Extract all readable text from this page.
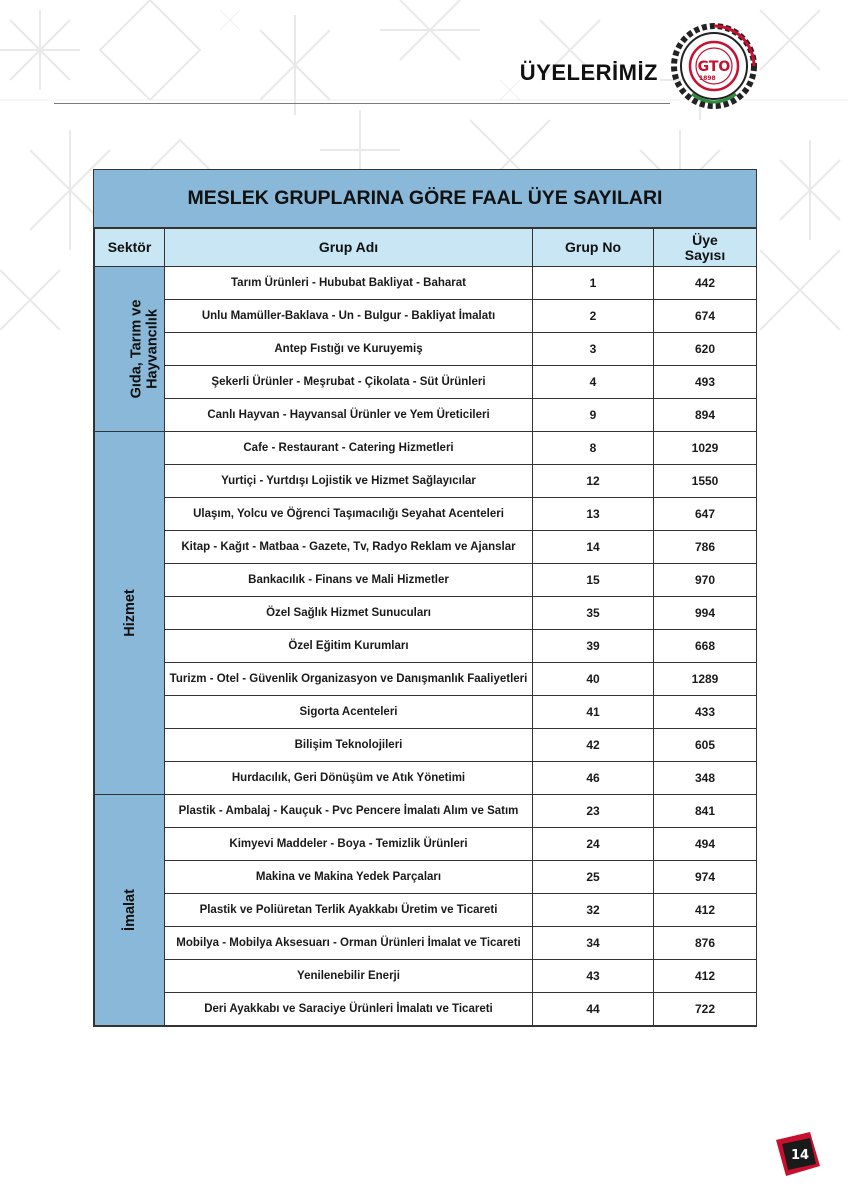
ÜYELERİMİZ	GTO
1898
MESLEK GRUPLARINA GÖRE FAAL ÜYE SAYILARI
Sektör	Grup Adı	Grup No	Üye
Sayısı
Gıda, Tarım ve
Hayvancılık	Tarım Ürünleri - Hububat Bakliyat - Baharat	1	442
	Unlu Mamüller-Baklava - Un - Bulgur - Bakliyat İmalatı	2	674
	Antep Fıstığı ve Kuruyemiş	3	620
	Şekerli Ürünler - Meşrubat - Çikolata - Süt Ürünleri	4	493
	Canlı Hayvan - Hayvansal Ürünler ve Yem Üreticileri	9	894
Hizmet	Cafe - Restaurant - Catering Hizmetleri	8	1029
	Yurtiçi - Yurtdışı Lojistik ve Hizmet Sağlayıcılar	12	1550
	Ulaşım, Yolcu ve Öğrenci Taşımacılığı Seyahat Acenteleri	13	647
	Kitap - Kağıt - Matbaa - Gazete, Tv, Radyo Reklam ve Ajanslar	14	786
	Bankacılık - Finans ve Mali Hizmetler	15	970
	Özel Sağlık Hizmet Sunucuları	35	994
	Özel Eğitim Kurumları	39	668
	Turizm - Otel - Güvenlik Organizasyon ve Danışmanlık Faaliyetleri	40	1289
	Sigorta Acenteleri	41	433
	Bilişim Teknolojileri	42	605
	Hurdacılık, Geri Dönüşüm ve Atık Yönetimi	46	348
İmalat	Plastik - Ambalaj - Kauçuk - Pvc Pencere İmalatı Alım ve Satım	23	841
	Kimyevi Maddeler - Boya - Temizlik Ürünleri	24	494
	Makina ve Makina Yedek Parçaları	25	974
	Plastik ve Poliüretan Terlik Ayakkabı Üretim ve Ticareti	32	412
	Mobilya - Mobilya Aksesuarı - Orman Ürünleri İmalat ve Ticareti	34	876
	Yenilenebilir Enerji	43	412
	Deri Ayakkabı ve Saraciye Ürünleri İmalatı ve Ticareti	44	722
14
